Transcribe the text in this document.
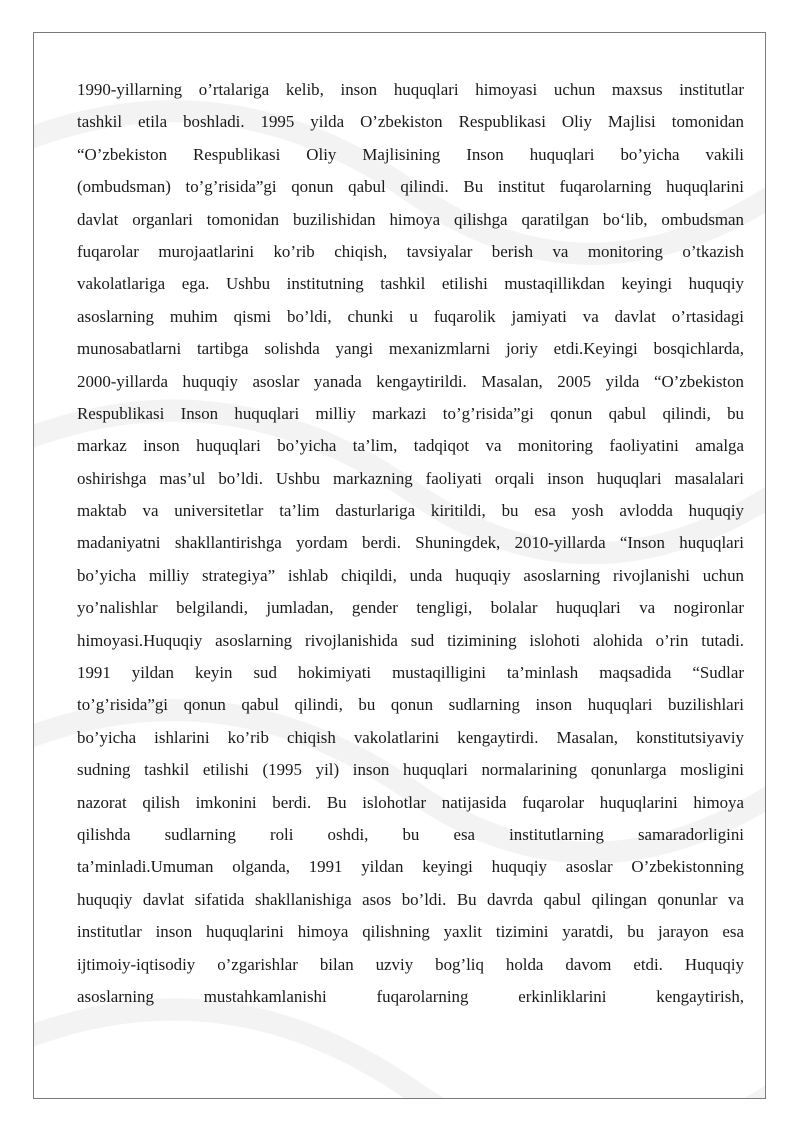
1990-yillarning o’rtalariga kelib, inson huquqlari himoyasi uchun maxsus institutlar
tashkil etila boshladi. 1995 yilda O’zbekiston Respublikasi Oliy Majlisi tomonidan
“O’zbekiston Respublikasi Oliy Majlisining Inson huquqlari bo’yicha vakili
(ombudsman) to’g’risida”gi qonun qabul qilindi. Bu institut fuqarolarning huquqlarini
davlat organlari tomonidan buzilishidan himoya qilishga qaratilgan bo‘lib, ombudsman
fuqarolar murojaatlarini ko’rib chiqish, tavsiyalar berish va monitoring o’tkazish
vakolatlariga ega. Ushbu institutning tashkil etilishi mustaqillikdan keyingi huquqiy
asoslarning muhim qismi bo’ldi, chunki u fuqarolik jamiyati va davlat o’rtasidagi
munosabatlarni tartibga solishda yangi mexanizmlarni joriy etdi.Keyingi bosqichlarda,
2000-yillarda huquqiy asoslar yanada kengaytirildi. Masalan, 2005 yilda “O’zbekiston
Respublikasi Inson huquqlari milliy markazi to’g’risida”gi qonun qabul qilindi, bu
markaz inson huquqlari bo’yicha ta’lim, tadqiqot va monitoring faoliyatini amalga
oshirishga mas’ul bo’ldi. Ushbu markazning faoliyati orqali inson huquqlari masalalari
maktab va universitetlar ta’lim dasturlariga kiritildi, bu esa yosh avlodda huquqiy
madaniyatni shakllantirishga yordam berdi. Shuningdek, 2010-yillarda “Inson huquqlari
bo’yicha milliy strategiya” ishlab chiqildi, unda huquqiy asoslarning rivojlanishi uchun
yo’nalishlar belgilandi, jumladan, gender tengligi, bolalar huquqlari va nogironlar
himoyasi.Huquqiy asoslarning rivojlanishida sud tizimining islohoti alohida o’rin tutadi.
1991 yildan keyin sud hokimiyati mustaqilligini ta’minlash maqsadida “Sudlar
to’g’risida”gi qonun qabul qilindi, bu qonun sudlarning inson huquqlari buzilishlari
bo’yicha ishlarini ko’rib chiqish vakolatlarini kengaytirdi. Masalan, konstitutsiyaviy
sudning tashkil etilishi (1995 yil) inson huquqlari normalarining qonunlarga mosligini
nazorat qilish imkonini berdi. Bu islohotlar natijasida fuqarolar huquqlarini himoya
qilishda sudlarning roli oshdi, bu esa institutlarning samaradorligini
ta’minladi.Umuman olganda, 1991 yildan keyingi huquqiy asoslar O’zbekistonning
huquqiy davlat sifatida shakllanishiga asos bo’ldi. Bu davrda qabul qilingan qonunlar va
institutlar inson huquqlarini himoya qilishning yaxlit tizimini yaratdi, bu jarayon esa
ijtimoiy-iqtisodiy o’zgarishlar bilan uzviy bog’liq holda davom etdi. Huquqiy
asoslarning mustahkamlanishi fuqarolarning erkinliklarini kengaytirish,
